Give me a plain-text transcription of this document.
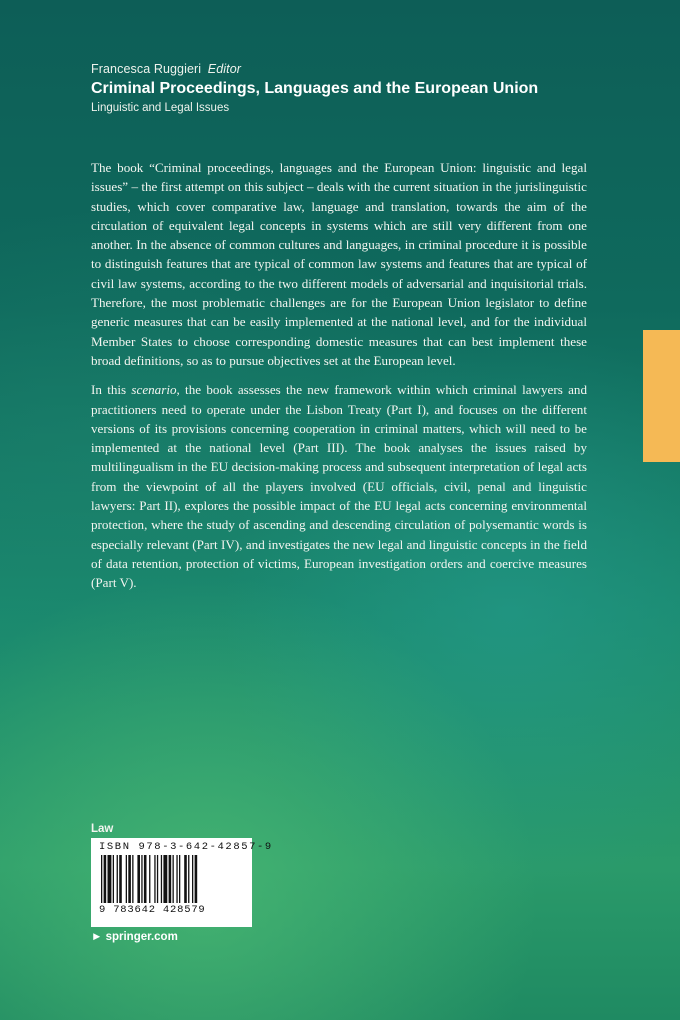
Francesca Ruggieri Editor
Criminal Proceedings, Languages and the European Union
Linguistic and Legal Issues

The book “Criminal proceedings, languages and the European Union: linguistic and legal issues” – the first attempt on this subject – deals with the current situation in the jurislinguistic studies, which cover comparative law, language and translation, towards the aim of the circulation of equivalent legal concepts in systems which are still very different from one another. In the absence of common cultures and languages, in criminal procedure it is possible to distinguish features that are typical of common law systems and features that are typical of civil law systems, according to the two different models of adversarial and inquisitorial trials. Therefore, the most problematic challenges are for the European Union legislator to define generic measures that can be easily implemented at the national level, and for the individual Member States to choose corresponding domestic measures that can best implement these broad definitions, so as to pursue objectives set at the European level.

In this scenario, the book assesses the new framework within which criminal lawyers and practitioners need to operate under the Lisbon Treaty (Part I), and focuses on the different versions of its provisions concerning cooperation in criminal matters, which will need to be implemented at the national level (Part III). The book analyses the issues raised by multilingualism in the EU decision-making process and subsequent interpretation of legal acts from the viewpoint of all the players involved (EU officials, civil, penal and linguistic lawyers: Part II), explores the possible impact of the EU legal acts concerning environmental protection, where the study of ascending and descending circulation of polysemantic words is especially relevant (Part IV), and investigates the new legal and linguistic concepts in the field of data retention, protection of victims, European investigation orders and coercive measures (Part V).

Law
ISBN 978-3-642-42857-9
9 783642 428579
► springer.com
